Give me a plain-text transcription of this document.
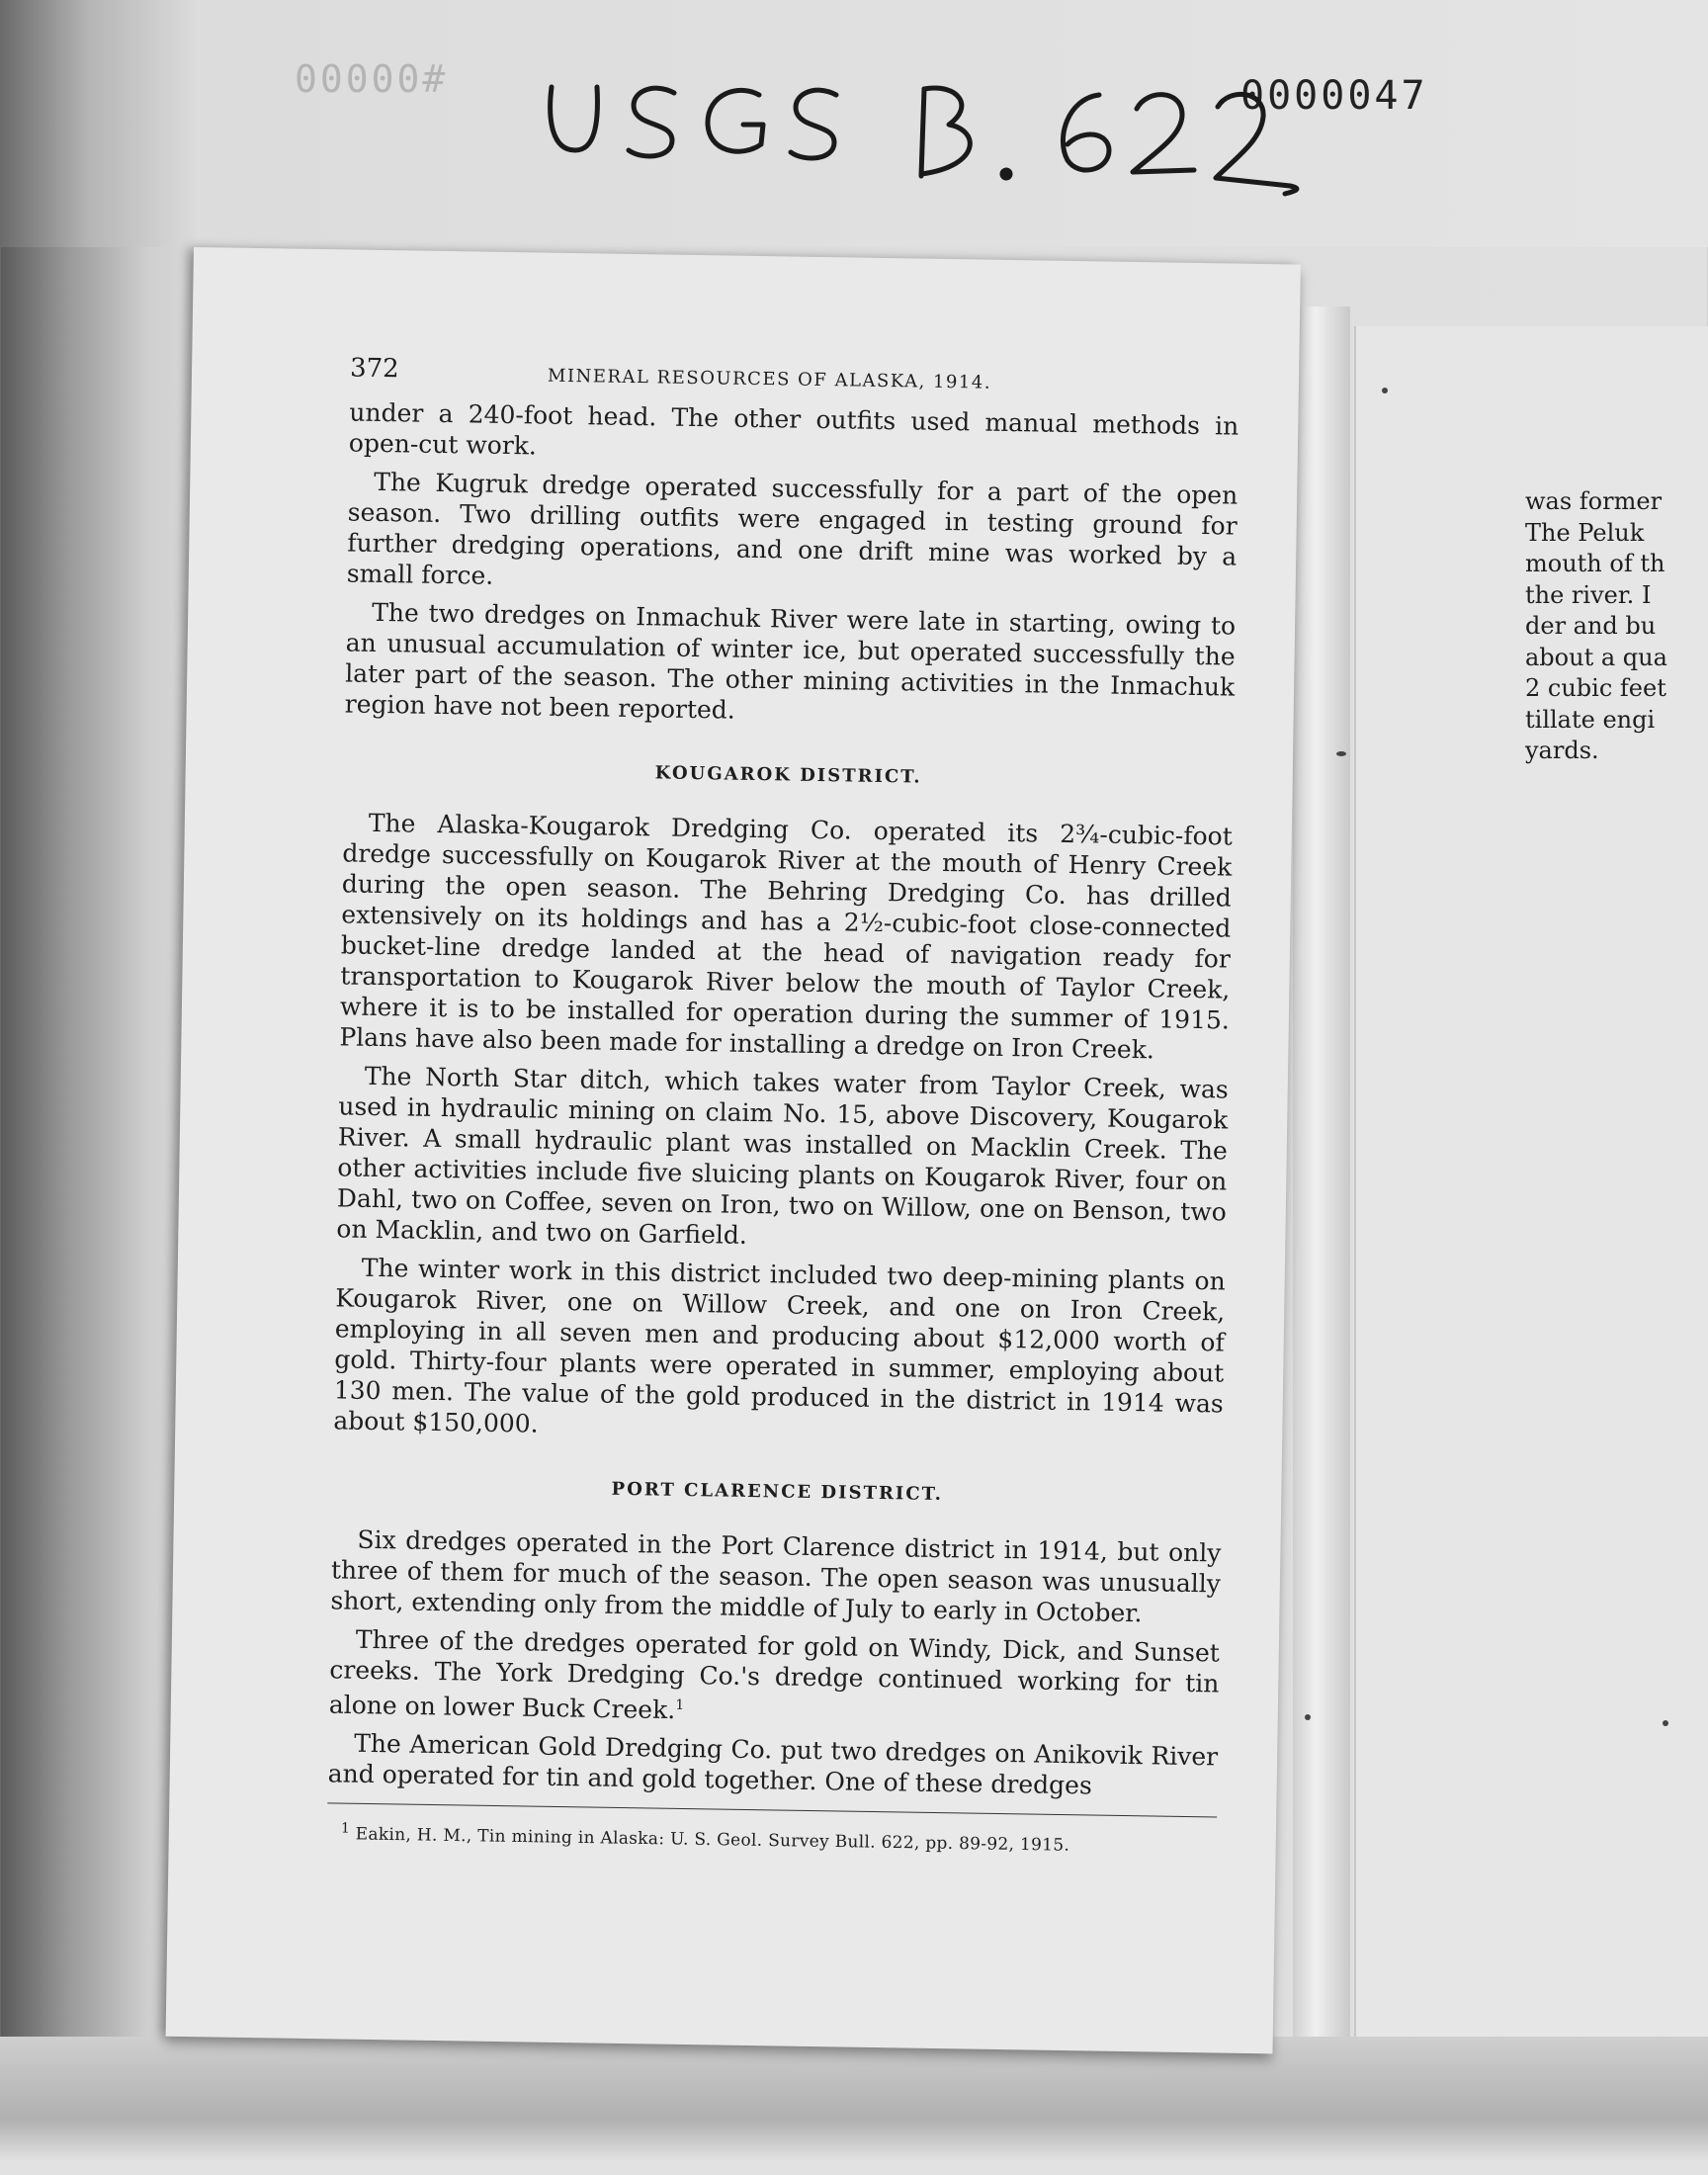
00000#	0000047
372	MINERAL RESOURCES OF ALASKA, 1914.

under a 240-foot head. The other outfits used manual methods in open-cut work.

The Kugruk dredge operated successfully for a part of the open season. Two drilling outfits were engaged in testing ground for further dredging operations, and one drift mine was worked by a small force.

The two dredges on Inmachuk River were late in starting, owing to an unusual accumulation of winter ice, but operated successfully the later part of the season. The other mining activities in the Inmachuk region have not been reported.

KOUGAROK DISTRICT.

The Alaska-Kougarok Dredging Co. operated its 2¾-cubic-foot dredge successfully on Kougarok River at the mouth of Henry Creek during the open season. The Behring Dredging Co. has drilled extensively on its holdings and has a 2½-cubic-foot close-connected bucket-line dredge landed at the head of navigation ready for transportation to Kougarok River below the mouth of Taylor Creek, where it is to be installed for operation during the summer of 1915. Plans have also been made for installing a dredge on Iron Creek.

The North Star ditch, which takes water from Taylor Creek, was used in hydraulic mining on claim No. 15, above Discovery, Kougarok River. A small hydraulic plant was installed on Macklin Creek. The other activities include five sluicing plants on Kougarok River, four on Dahl, two on Coffee, seven on Iron, two on Willow, one on Benson, two on Macklin, and two on Garfield.

The winter work in this district included two deep-mining plants on Kougarok River, one on Willow Creek, and one on Iron Creek, employing in all seven men and producing about $12,000 worth of gold. Thirty-four plants were operated in summer, employing about 130 men. The value of the gold produced in the district in 1914 was about $150,000.

PORT CLARENCE DISTRICT.

Six dredges operated in the Port Clarence district in 1914, but only three of them for much of the season. The open season was unusually short, extending only from the middle of July to early in October.

Three of the dredges operated for gold on Windy, Dick, and Sunset creeks. The York Dredging Co.'s dredge continued working for tin alone on lower Buck Creek.$^1$

The American Gold Dredging Co. put two dredges on Anikovik River and operated for tin and gold together. One of these dredges

$^1$ Eakin, H. M., Tin mining in Alaska: U. S. Geol. Survey Bull. 622, pp. 89-92, 1915.
was former
The Peluk
mouth of th
the river. I
der and bu
about a qua
2 cubic feet
tillate engi
yards.
